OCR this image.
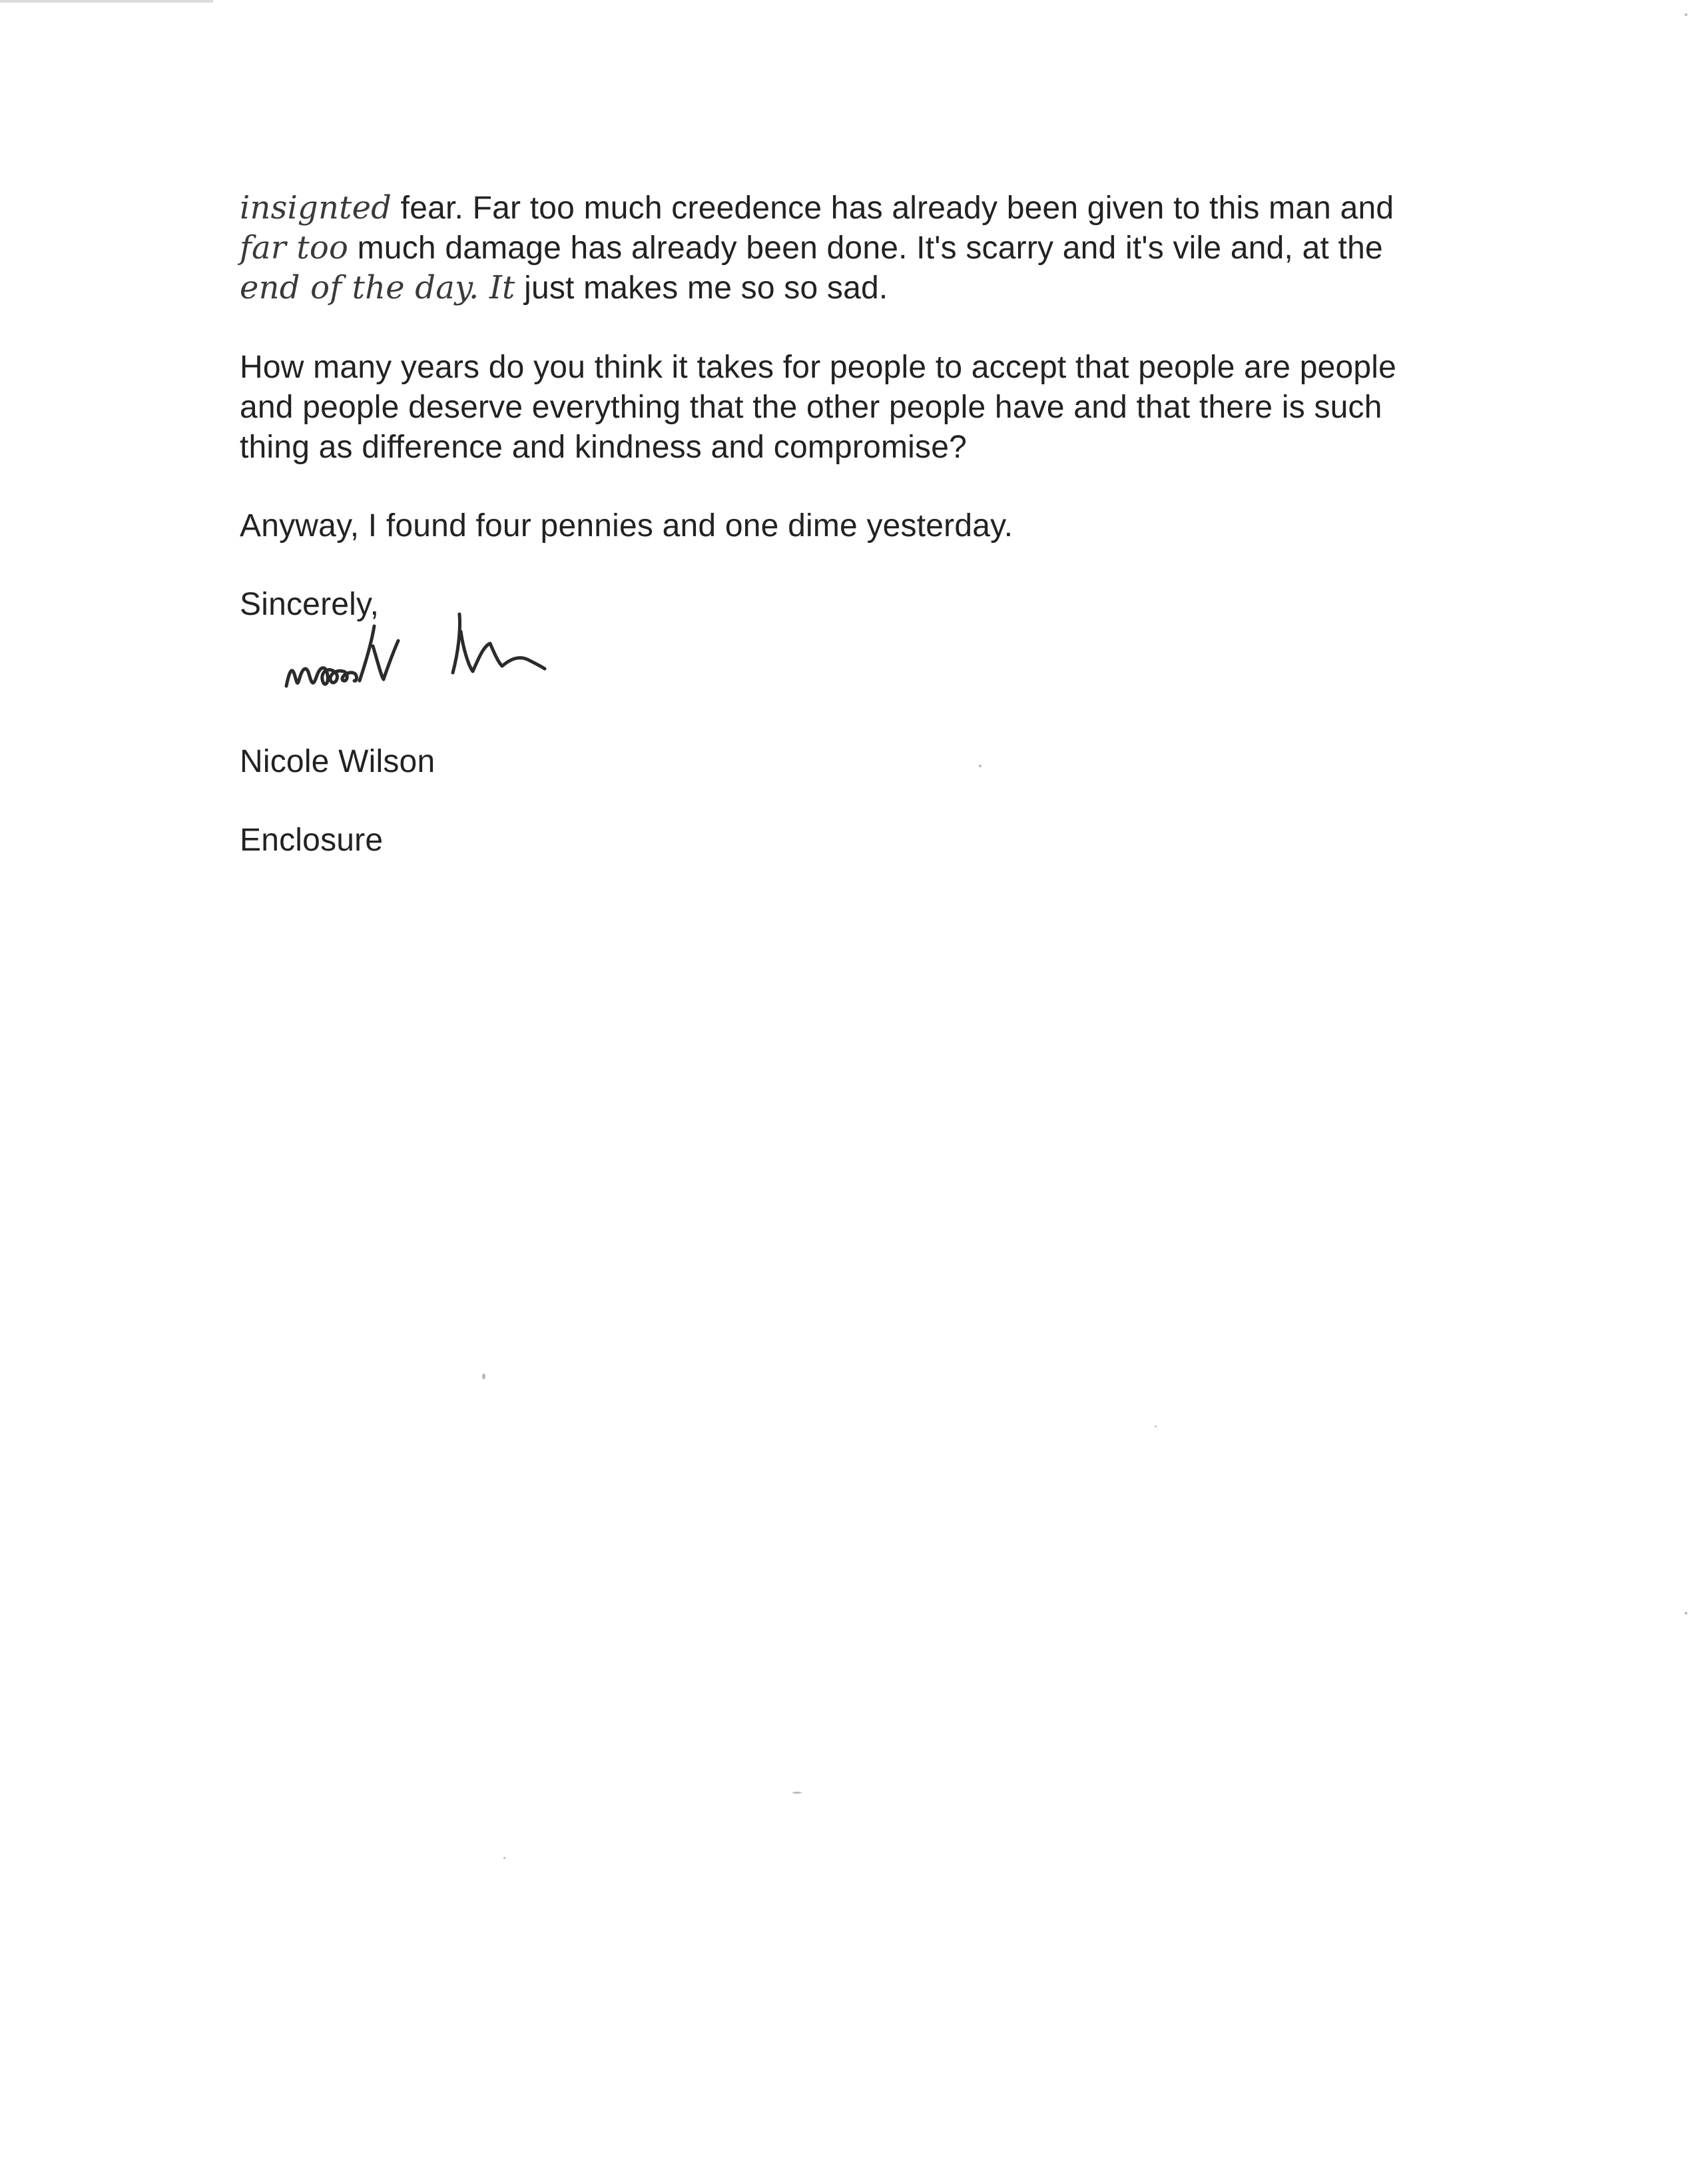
insignted fear. Far too much creedence has already been given to this man and
far too much damage has already been done. It's scarry and it's vile and, at the
end of the day. It just makes me so so sad.
How many years do you think it takes for people to accept that people are people
and people deserve everything that the other people have and that there is such
thing as difference and kindness and compromise?
Anyway, I found four pennies and one dime yesterday.
Sincerely,
Nicole Wilson
Enclosure
